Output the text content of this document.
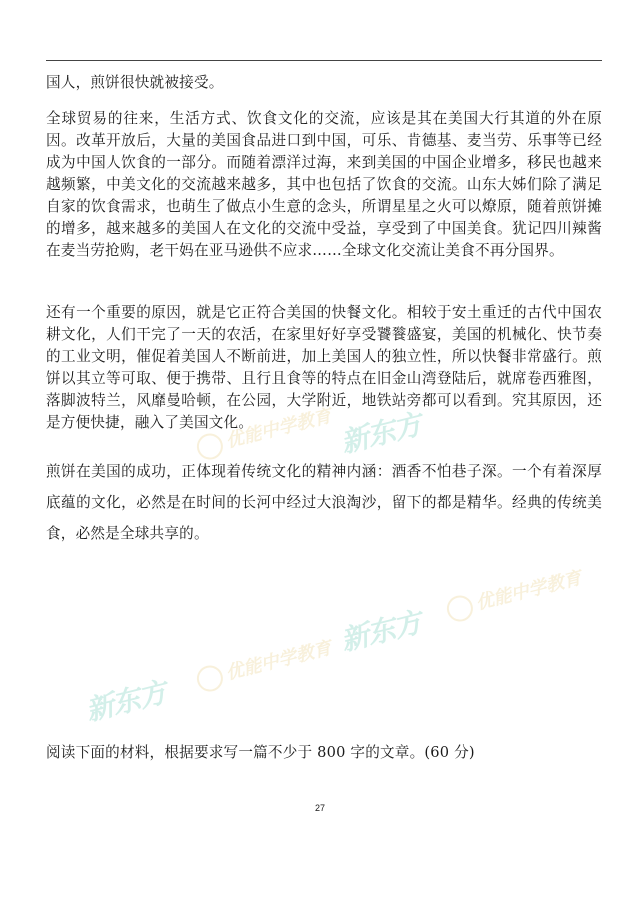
国人，煎饼很快就被接受。

全球贸易的往来，生活方式、饮食文化的交流，应该是其在美国大行其道的外在原因。改革开放后，大量的美国食品进口到中国，可乐、肯德基、麦当劳、乐事等已经成为中国人饮食的一部分。而随着漂洋过海，来到美国的中国企业增多，移民也越来越频繁，中美文化的交流越来越多，其中也包括了饮食的交流。山东大姊们除了满足自家的饮食需求，也萌生了做点小生意的念头，所谓星星之火可以燎原，随着煎饼摊的增多，越来越多的美国人在文化的交流中受益，享受到了中国美食。犹记四川辣酱在麦当劳抢购，老干妈在亚马逊供不应求……全球文化交流让美食不再分国界。

还有一个重要的原因，就是它正符合美国的快餐文化。相较于安土重迁的古代中国农耕文化，人们干完了一天的农活，在家里好好享受饕餮盛宴，美国的机械化、快节奏的工业文明，催促着美国人不断前进，加上美国人的独立性，所以快餐非常盛行。煎饼以其立等可取、便于携带、且行且食等的特点在旧金山湾登陆后，就席卷西雅图，落脚波特兰，风靡曼哈顿，在公园，大学附近，地铁站旁都可以看到。究其原因，还是方便快捷，融入了美国文化。

煎饼在美国的成功，正体现着传统文化的精神内涵：酒香不怕巷子深。一个有着深厚底蕴的文化，必然是在时间的长河中经过大浪淘沙，留下的都是精华。经典的传统美食，必然是全球共享的。

阅读下面的材料，根据要求写一篇不少于 800 字的文章。(60 分)

27
优能中学教育 新东方
优能中学教育
新东方
优能中学教育
新东方
